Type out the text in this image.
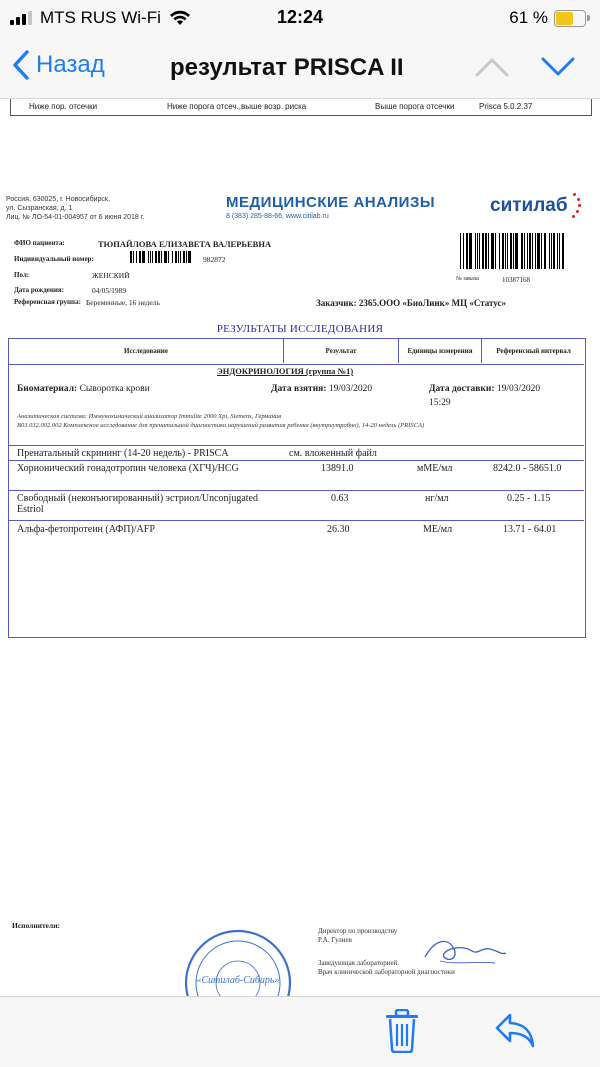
MTS RUS Wi-Fi	12:24	61 %
Назад	результат PRISCA II
Ниже пор. отсечки	Ниже порога отсеч.,выше возр. риска	Выше порога отсечки	Prisca 5.0.2.37
Россия, 630025, г. Новосибирск,
ул. Сызранская, д. 1
Лиц. № ЛО-54-01-004957 от 6 июня 2018 г.
МЕДИЦИНСКИЕ АНАЛИЗЫ
8 (383) 285-88-66, www.citilab.ru
ситилаб
ФИО пациента:	ТЮПАЙЛОВА ЕЛИЗАВЕТА ВАЛЕРЬЕВНА
Индивидуальный номер:	982872
Пол:	ЖЕНСКИЙ
Дата рождения:	04/05/1989
Референсная группа: Беременные, 16 недель
№ заказа	10387168
Заказчик: 2365.ООО «БиоЛинк» МЦ «Статус»
РЕЗУЛЬТАТЫ ИССЛЕДОВАНИЯ
Исследование	Результат	Единицы измерения	Референсный интервал
ЭНДОКРИНОЛОГИЯ (группа №1)
Биоматериал: Сыворотка крови	Дата взятия: 19/03/2020	Дата доставки: 19/03/2020
15:29
Аналитическая система: Иммунохимический анализатор Immulite 2000 Xpi, Siemens, Германия
В03.032.002.002 Комплексное исследование для пренатальной диагностики нарушений развития ребенка (внутриутробно), 14-20 недель (PRISCA)
Пренатальный скрининг (14-20 недель) - PRISCA	см. вложенный файл
Хорионический гонадотропин человека (ХГЧ)/HCG	13891.0	мМЕ/мл	8242.0 - 58651.0
Свободный (неконъюгированный) эстриол/Unconjugated Estriol
0.63	нг/мл	0.25 - 1.15
Альфа-фетопротеин (АФП)/AFP	26.30	МЕ/мл	13.71 - 64.01
Исполнители:
«Ситилаб-Сибирь»
Директор по производству
Р.А. Гулиев
Заведующая лабораторией.
Врач клинической лабораторной диагностики
